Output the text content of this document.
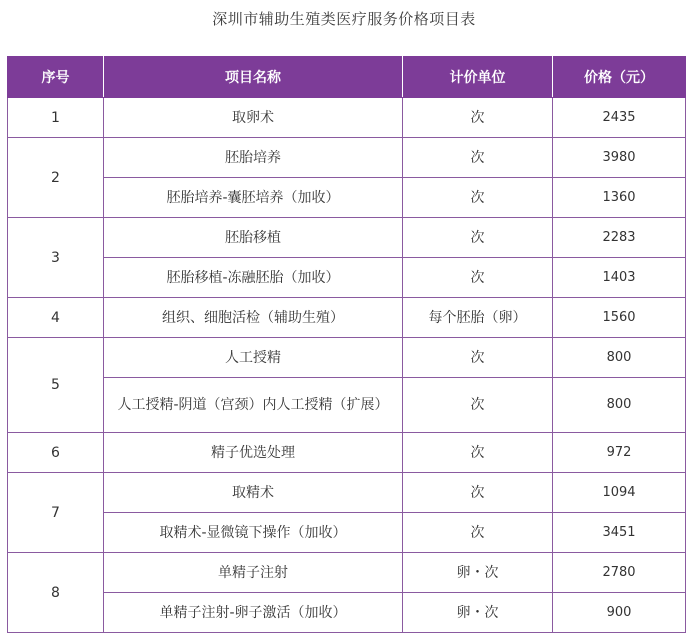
深圳市辅助生殖类医疗服务价格项目表
序号	项目名称	计价单位	价格（元）
1	取卵术	次	2435
2	胚胎培养	次	3980
	胚胎培养-囊胚培养（加收）	次	1360
3	胚胎移植	次	2283
	胚胎移植-冻融胚胎（加收）	次	1403
4	组织、细胞活检（辅助生殖）	每个胚胎（卵）	1560
5	人工授精	次	800
	人工授精-阴道（宫颈）内人工授精（扩展）	次	800
6	精子优选处理	次	972
7	取精术	次	1094
	取精术-显微镜下操作（加收）	次	3451
8	单精子注射	卵・次	2780
	单精子注射-卵子激活（加收）	卵・次	900
